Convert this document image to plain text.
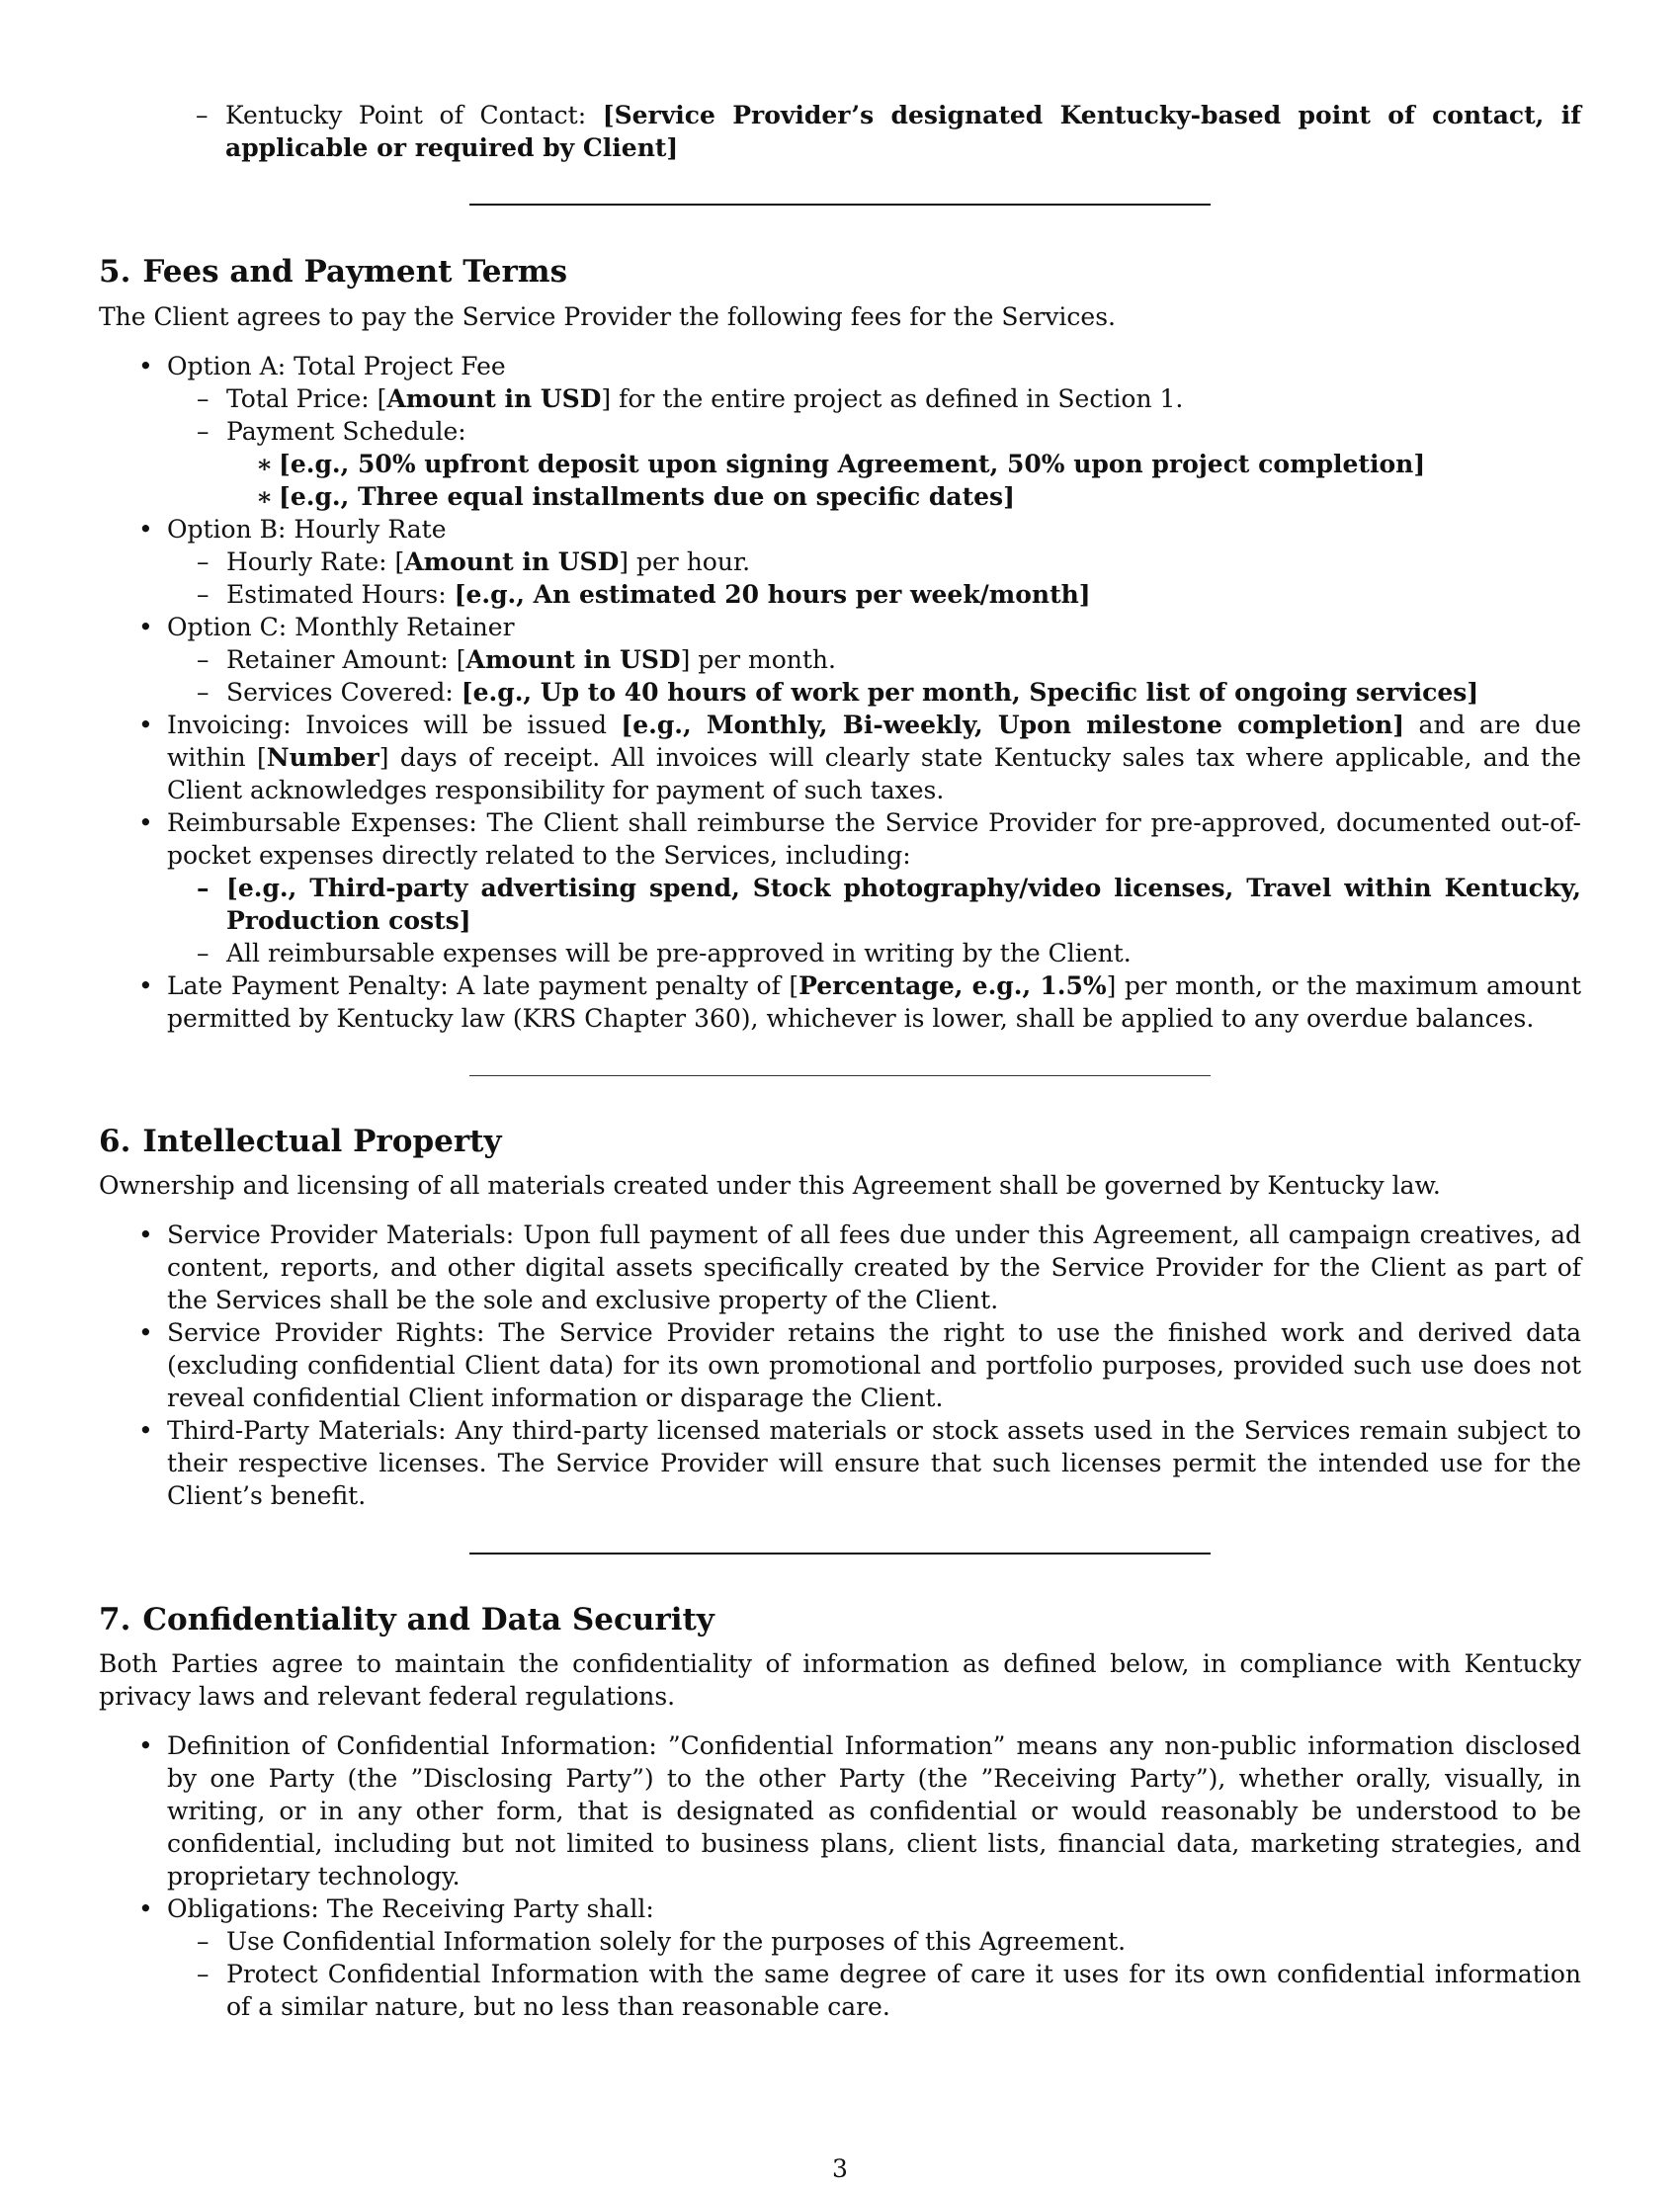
– Kentucky Point of Contact: [Service Provider’s designated Kentucky-based point of contact, if applicable or required by Client]
5. Fees and Payment Terms

The Client agrees to pay the Service Provider the following fees for the Services.

• Option A: Total Project Fee
– Total Price: [Amount in USD] for the entire project as defined in Section 1.
– Payment Schedule:
∗ [e.g., 50% upfront deposit upon signing Agreement, 50% upon project completion]
∗ [e.g., Three equal installments due on specific dates]
• Option B: Hourly Rate
– Hourly Rate: [Amount in USD] per hour.
– Estimated Hours: [e.g., An estimated 20 hours per week/month]
• Option C: Monthly Retainer
– Retainer Amount: [Amount in USD] per month.
– Services Covered: [e.g., Up to 40 hours of work per month, Specific list of ongoing services]
• Invoicing: Invoices will be issued [e.g., Monthly, Bi-weekly, Upon milestone completion] and are due within [Number] days of receipt. All invoices will clearly state Kentucky sales tax where applicable, and the Client acknowledges responsibility for payment of such taxes.
• Reimbursable Expenses: The Client shall reimburse the Service Provider for pre-approved, documented out-of-pocket expenses directly related to the Services, including:
– [e.g., Third-party advertising spend, Stock photography/video licenses, Travel within Kentucky, Production costs]
– All reimbursable expenses will be pre-approved in writing by the Client.
• Late Payment Penalty: A late payment penalty of [Percentage, e.g., 1.5%] per month, or the maximum amount permitted by Kentucky law (KRS Chapter 360), whichever is lower, shall be applied to any overdue balances.
6. Intellectual Property

Ownership and licensing of all materials created under this Agreement shall be governed by Kentucky law.

• Service Provider Materials: Upon full payment of all fees due under this Agreement, all campaign creatives, ad content, reports, and other digital assets specifically created by the Service Provider for the Client as part of the Services shall be the sole and exclusive property of the Client.
• Service Provider Rights: The Service Provider retains the right to use the finished work and derived data (excluding confidential Client data) for its own promotional and portfolio purposes, provided such use does not reveal confidential Client information or disparage the Client.
• Third-Party Materials: Any third-party licensed materials or stock assets used in the Services remain subject to their respective licenses. The Service Provider will ensure that such licenses permit the intended use for the Client’s benefit.
7. Confidentiality and Data Security

Both Parties agree to maintain the confidentiality of information as defined below, in compliance with Kentucky privacy laws and relevant federal regulations.

• Definition of Confidential Information: ”Confidential Information” means any non-public information disclosed by one Party (the ”Disclosing Party”) to the other Party (the ”Receiving Party”), whether orally, visually, in writing, or in any other form, that is designated as confidential or would reasonably be understood to be confidential, including but not limited to business plans, client lists, financial data, marketing strategies, and proprietary technology.
• Obligations: The Receiving Party shall:
– Use Confidential Information solely for the purposes of this Agreement.
– Protect Confidential Information with the same degree of care it uses for its own confidential information of a similar nature, but no less than reasonable care.
3
